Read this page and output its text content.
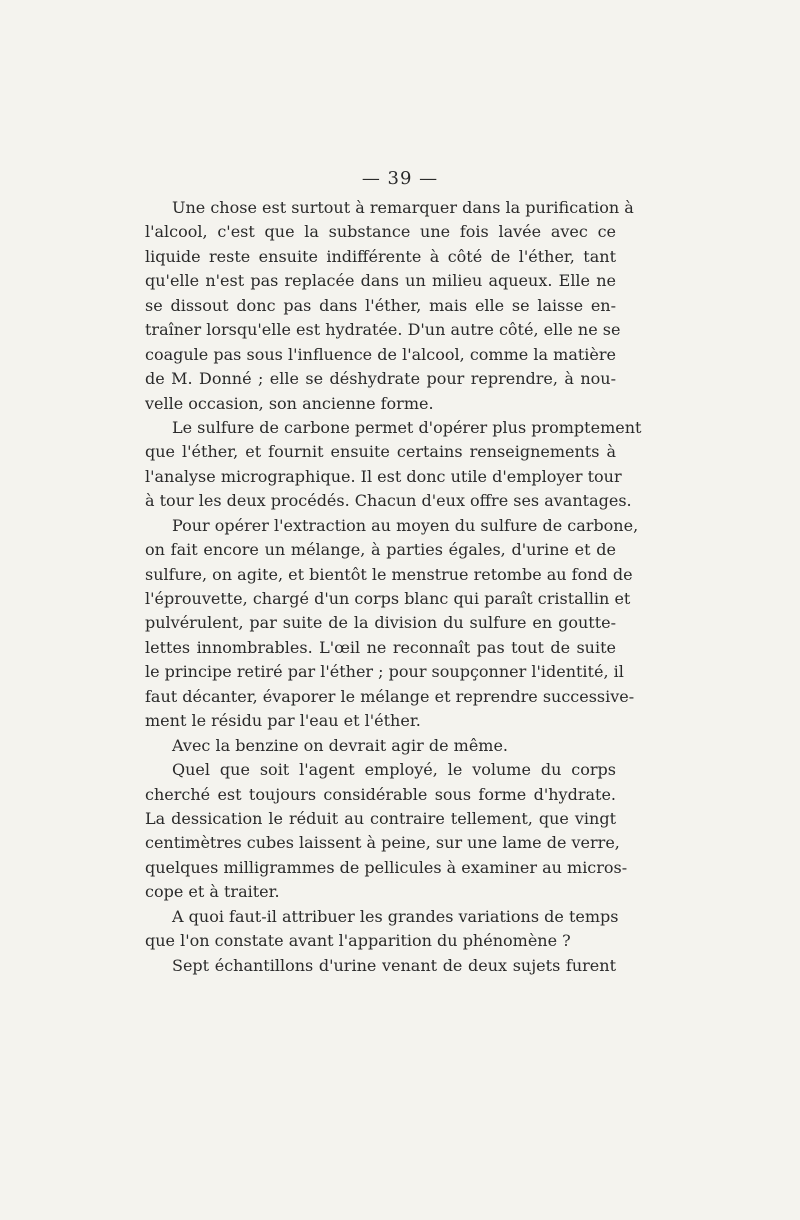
— 39 —
Une chose est surtout à remarquer dans la purification à
l'alcool, c'est que la substance une fois lavée avec ce
liquide reste ensuite indifférente à côté de l'éther, tant
qu'elle n'est pas replacée dans un milieu aqueux. Elle ne
se dissout donc pas dans l'éther, mais elle se laisse en-
traîner lorsqu'elle est hydratée. D'un autre côté, elle ne se
coagule pas sous l'influence de l'alcool, comme la matière
de M. Donné ; elle se déshydrate pour reprendre, à nou-
velle occasion, son ancienne forme.
Le sulfure de carbone permet d'opérer plus promptement
que l'éther, et fournit ensuite certains renseignements à
l'analyse micrographique. Il est donc utile d'employer tour
à tour les deux procédés. Chacun d'eux offre ses avantages.
Pour opérer l'extraction au moyen du sulfure de carbone,
on fait encore un mélange, à parties égales, d'urine et de
sulfure, on agite, et bientôt le menstrue retombe au fond de
l'éprouvette, chargé d'un corps blanc qui paraît cristallin et
pulvérulent, par suite de la division du sulfure en goutte-
lettes innombrables. L'œil ne reconnaît pas tout de suite
le principe retiré par l'éther ; pour soupçonner l'identité, il
faut décanter, évaporer le mélange et reprendre successive-
ment le résidu par l'eau et l'éther.
Avec la benzine on devrait agir de même.
Quel que soit l'agent employé, le volume du corps
cherché est toujours considérable sous forme d'hydrate.
La dessication le réduit au contraire tellement, que vingt
centimètres cubes laissent à peine, sur une lame de verre,
quelques milligrammes de pellicules à examiner au micros-
cope et à traiter.
A quoi faut-il attribuer les grandes variations de temps
que l'on constate avant l'apparition du phénomène ?
Sept échantillons d'urine venant de deux sujets furent
